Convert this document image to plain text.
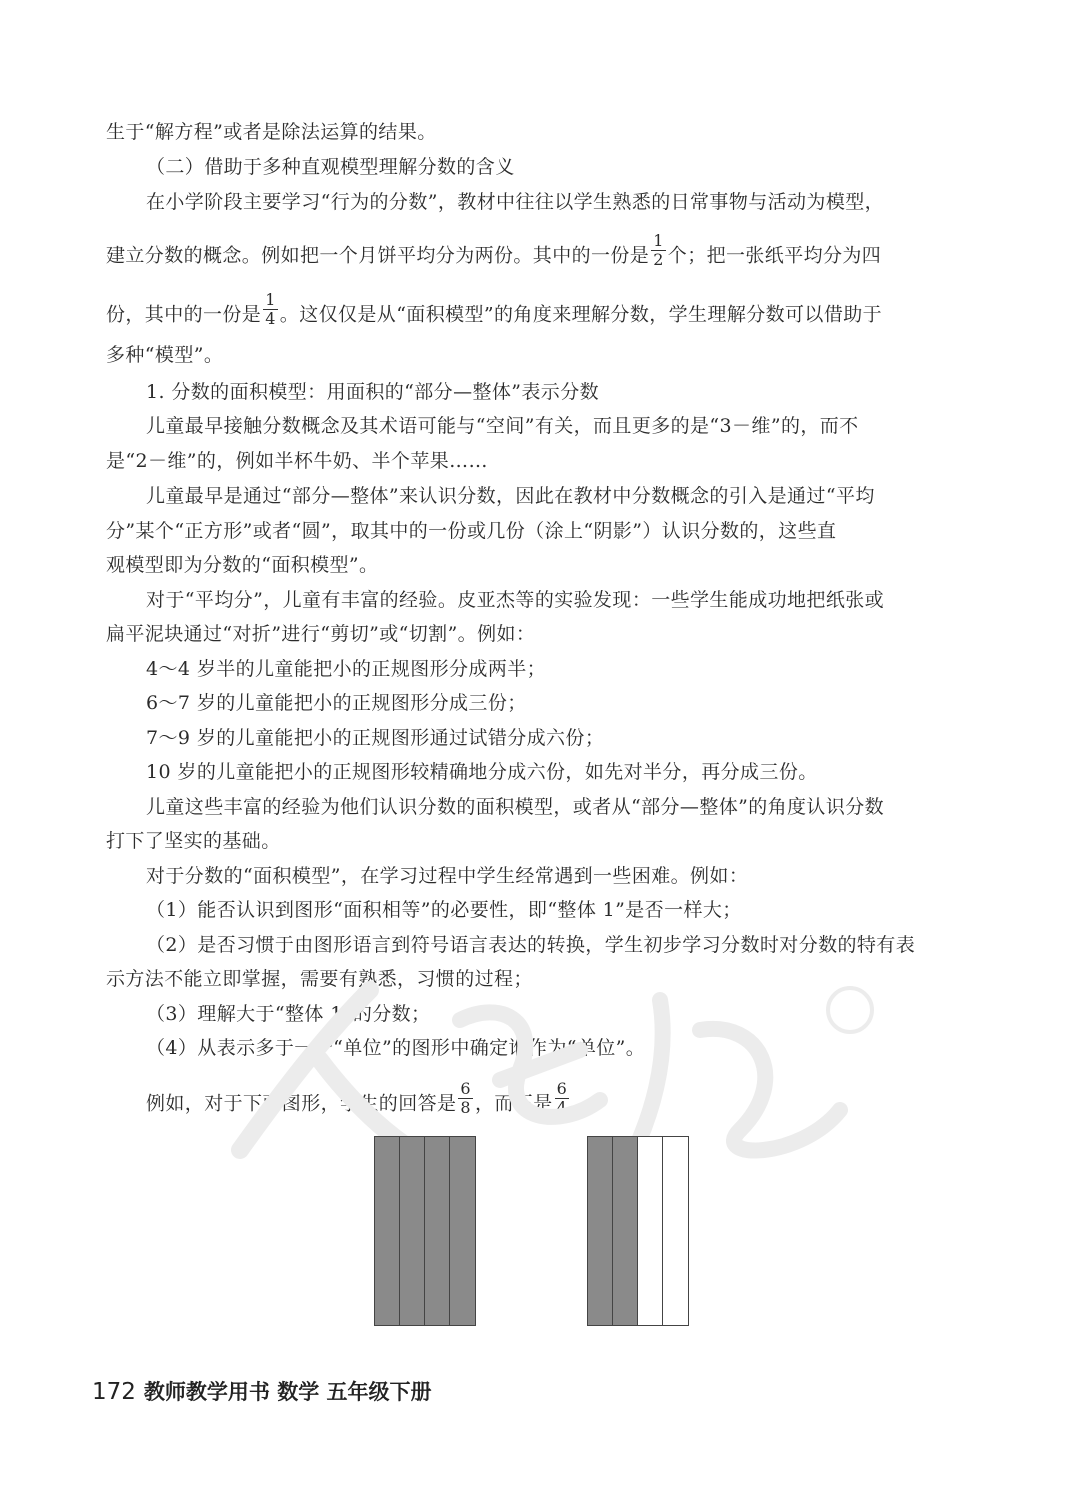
生于“解方程”或者是除法运算的结果。
（二）借助于多种直观模型理解分数的含义
在小学阶段主要学习“行为的分数”，教材中往往以学生熟悉的日常事物与活动为模型，
建立分数的概念。例如把一个月饼平均分为两份。其中的一份是 $\frac{1}{2}$ 个；把一张纸平均分为四
份，其中的一份是 $\frac{1}{4}$ 。这仅仅是从“面积模型”的角度来理解分数，学生理解分数可以借助于
多种“模型”。
1. 分数的面积模型：用面积的“部分—整体”表示分数
儿童最早接触分数概念及其术语可能与“空间”有关，而且更多的是“3－维”的，而不
是“2－维”的，例如半杯牛奶、半个苹果……
儿童最早是通过“部分—整体”来认识分数，因此在教材中分数概念的引入是通过“平均
分”某个“正方形”或者“圆”，取其中的一份或几份（涂上“阴影”）认识分数的，这些直
观模型即为分数的“面积模型”。
对于“平均分”，儿童有丰富的经验。皮亚杰等的实验发现：一些学生能成功地把纸张或
扁平泥块通过“对折”进行“剪切”或“切割”。例如：
4～4 岁半的儿童能把小的正规图形分成两半；
6～7 岁的儿童能把小的正规图形分成三份；
7～9 岁的儿童能把小的正规图形通过试错分成六份；
10 岁的儿童能把小的正规图形较精确地分成六份，如先对半分，再分成三份。
儿童这些丰富的经验为他们认识分数的面积模型，或者从“部分—整体”的角度认识分数
打下了坚实的基础。
对于分数的“面积模型”，在学习过程中学生经常遇到一些困难。例如：
（1）能否认识到图形“面积相等”的必要性，即“整体 1”是否一样大；
（2）是否习惯于由图形语言到符号语言表达的转换，学生初步学习分数时对分数的特有表
示方法不能立即掌握，需要有熟悉，习惯的过程；
（3）理解大于“整体 1”的分数；
（4）从表示多于一个“单位”的图形中确定谁作为“单位”。
例如，对于下面图形，学生的回答是 $\frac{6}{8}$ ，而不是 $\frac{6}{4}$ 。
172 教师教学用书 数学 五年级下册
